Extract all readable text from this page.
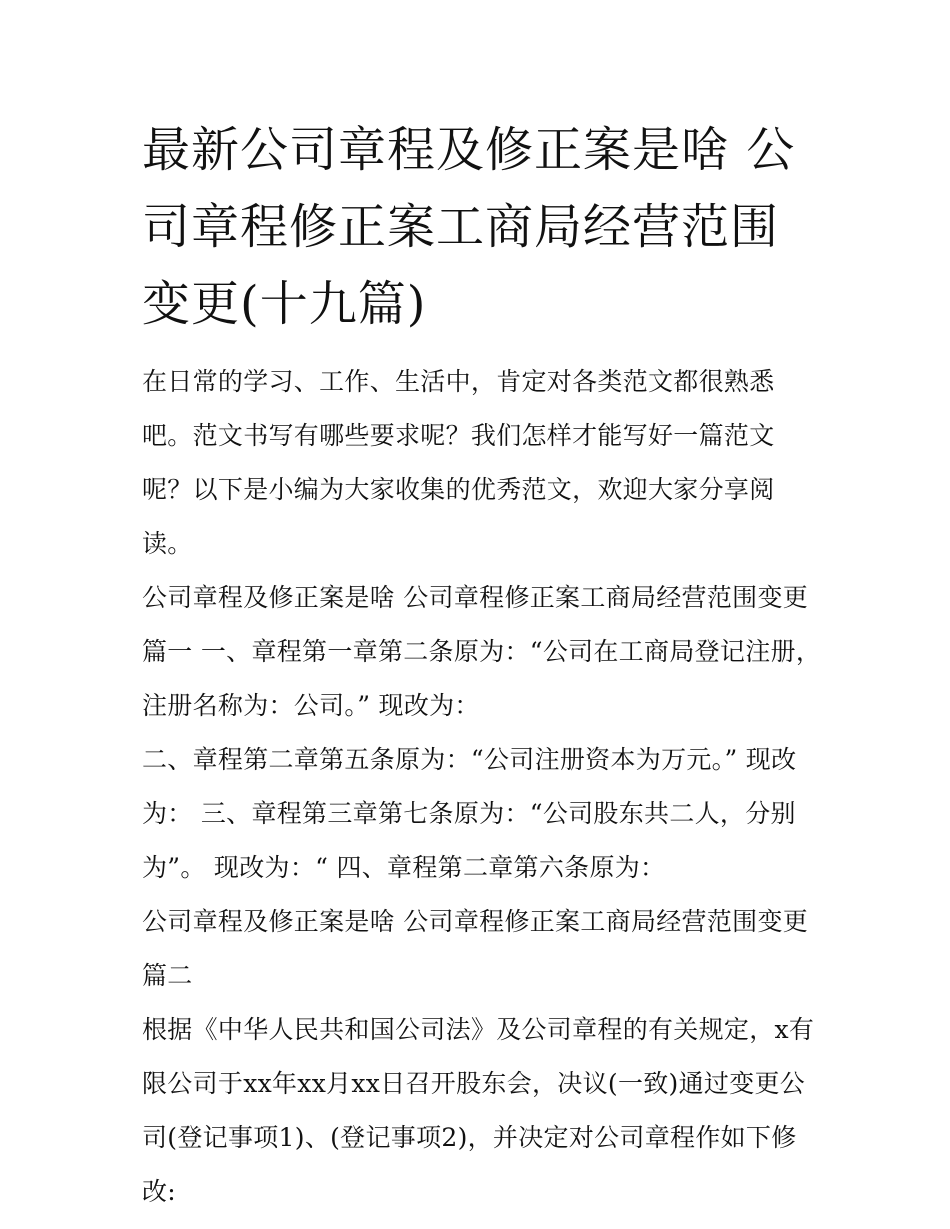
最新公司章程及修正案是啥 公司章程修正案工商局经营范围变更(十九篇)

在日常的学习、工作、生活中，肯定对各类范文都很熟悉吧。范文书写有哪些要求呢？我们怎样才能写好一篇范文呢？以下是小编为大家收集的优秀范文，欢迎大家分享阅读。

公司章程及修正案是啥 公司章程修正案工商局经营范围变更篇一 一、章程第一章第二条原为：“公司在工商局登记注册，注册名称为：公司。” 现改为：

二、章程第二章第五条原为：“公司注册资本为万元。” 现改为： 三、章程第三章第七条原为：“公司股东共二人，分别为”。 现改为：“ 四、章程第二章第六条原为：

公司章程及修正案是啥 公司章程修正案工商局经营范围变更篇二

根据《中华人民共和国公司法》及公司章程的有关规定，x有限公司于xx年xx月xx日召开股东会，决议(一致)通过变更公司(登记事项1)、(登记事项2)，并决定对公司章程作如下修改:
